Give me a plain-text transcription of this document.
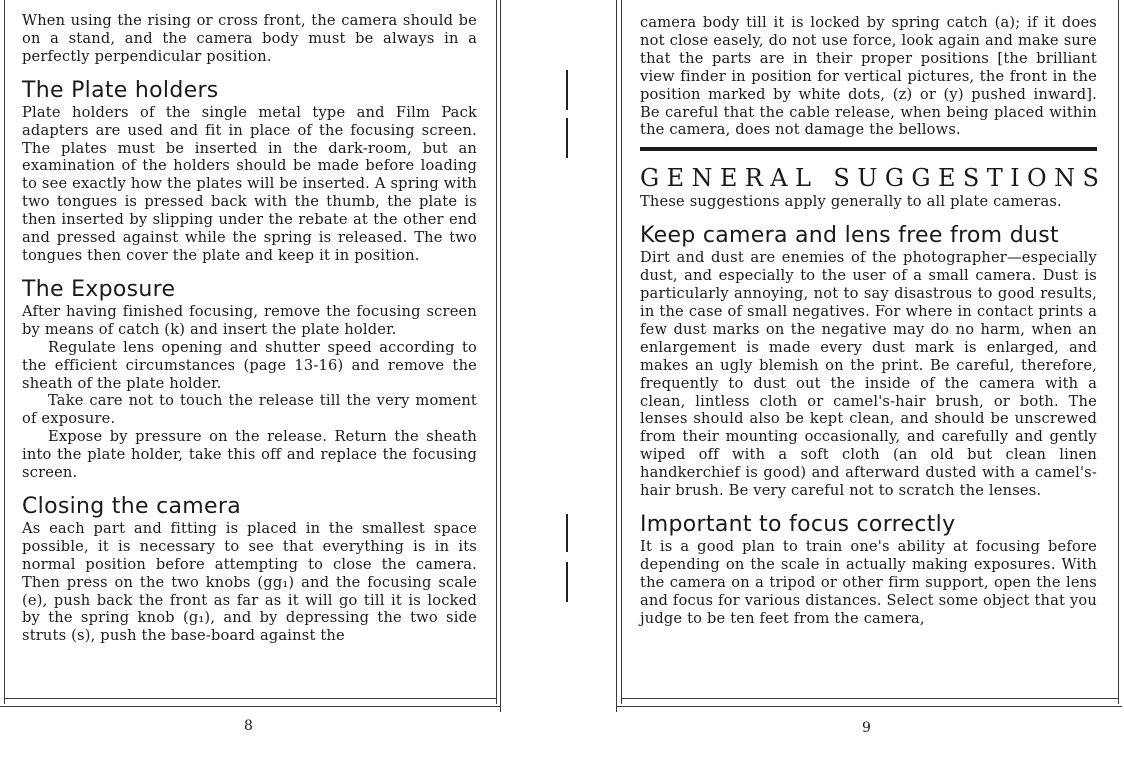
When using the rising or cross front, the camera should be on a stand, and the camera body must be always in a perfectly perpendicular position.

The Plate holders

Plate holders of the single metal type and Film Pack adapters are used and fit in place of the focusing screen. The plates must be inserted in the dark-room, but an examination of the holders should be made before loading to see exactly how the plates will be inserted. A spring with two tongues is pressed back with the thumb, the plate is then inserted by slipping under the rebate at the other end and pressed against while the spring is released. The two tongues then cover the plate and keep it in position.

The Exposure

After having finished focusing, remove the focusing screen by means of catch (k) and insert the plate holder.

Regulate lens opening and shutter speed according to the efficient circumstances (page 13-16) and remove the sheath of the plate holder.

Take care not to touch the release till the very moment of exposure.

Expose by pressure on the release. Return the sheath into the plate holder, take this off and replace the focusing screen.

Closing the camera

As each part and fitting is placed in the smallest space possible, it is necessary to see that everything is in its normal position before attempting to close the camera. Then press on the two knobs (gg₁) and the focusing scale (e), push back the front as far as it will go till it is locked by the spring knob (g₁), and by depressing the two side struts (s), push the base-board against the

8

camera body till it is locked by spring catch (a); if it does not close easely, do not use force, look again and make sure that the parts are in their proper positions [the brilliant view finder in position for vertical pictures, the front in the position marked by white dots, (z) or (y) pushed inward]. Be careful that the cable release, when being placed within the camera, does not damage the bellows.

GENERAL SUGGESTIONS

These suggestions apply generally to all plate cameras.

Keep camera and lens free from dust

Dirt and dust are enemies of the photographer—especially dust, and especially to the user of a small camera. Dust is particularly annoying, not to say disastrous to good results, in the case of small negatives. For where in contact prints a few dust marks on the negative may do no harm, when an enlargement is made every dust mark is enlarged, and makes an ugly blemish on the print. Be careful, therefore, frequently to dust out the inside of the camera with a clean, lintless cloth or camel's-hair brush, or both. The lenses should also be kept clean, and should be unscrewed from their mounting occasionally, and carefully and gently wiped off with a soft cloth (an old but clean linen handkerchief is good) and afterward dusted with a camel's-hair brush. Be very careful not to scratch the lenses.

Important to focus correctly

It is a good plan to train one's ability at focusing before depending on the scale in actually making exposures. With the camera on a tripod or other firm support, open the lens and focus for various distances. Select some object that you judge to be ten feet from the camera,

9
